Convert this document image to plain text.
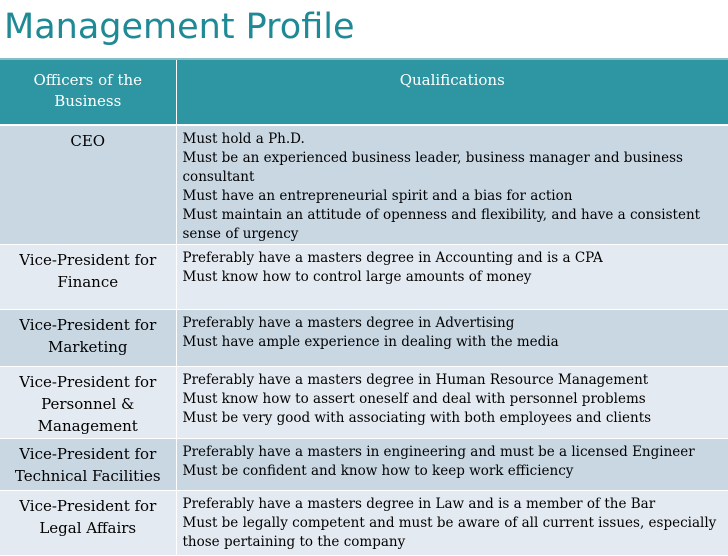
Management Profile
Officers of the Business	Qualifications
CEO	Must hold a Ph.D.
Must be an experienced business leader, business manager and business consultant
Must have an entrepreneurial spirit and a bias for action
Must maintain an attitude of openness and flexibility, and have a consistent sense of urgency

Vice-President for Finance	Preferably have a masters degree in Accounting and is a CPA
Must know how to control large amounts of money

Vice-President for Marketing	Preferably have a masters degree in Advertising
Must have ample experience in dealing with the media

Vice-President for Personnel & Management	Preferably have a masters degree in Human Resource Management
Must know how to assert oneself and deal with personnel problems
Must be very good with associating with both employees and clients

Vice-President for Technical Facilities	Preferably have a masters in engineering and must be a licensed Engineer
Must be confident and know how to keep work efficiency

Vice-President for Legal Affairs	Preferably have a masters degree in Law and is a member of the Bar
Must be legally competent and must be aware of all current issues, especially those pertaining to the company
